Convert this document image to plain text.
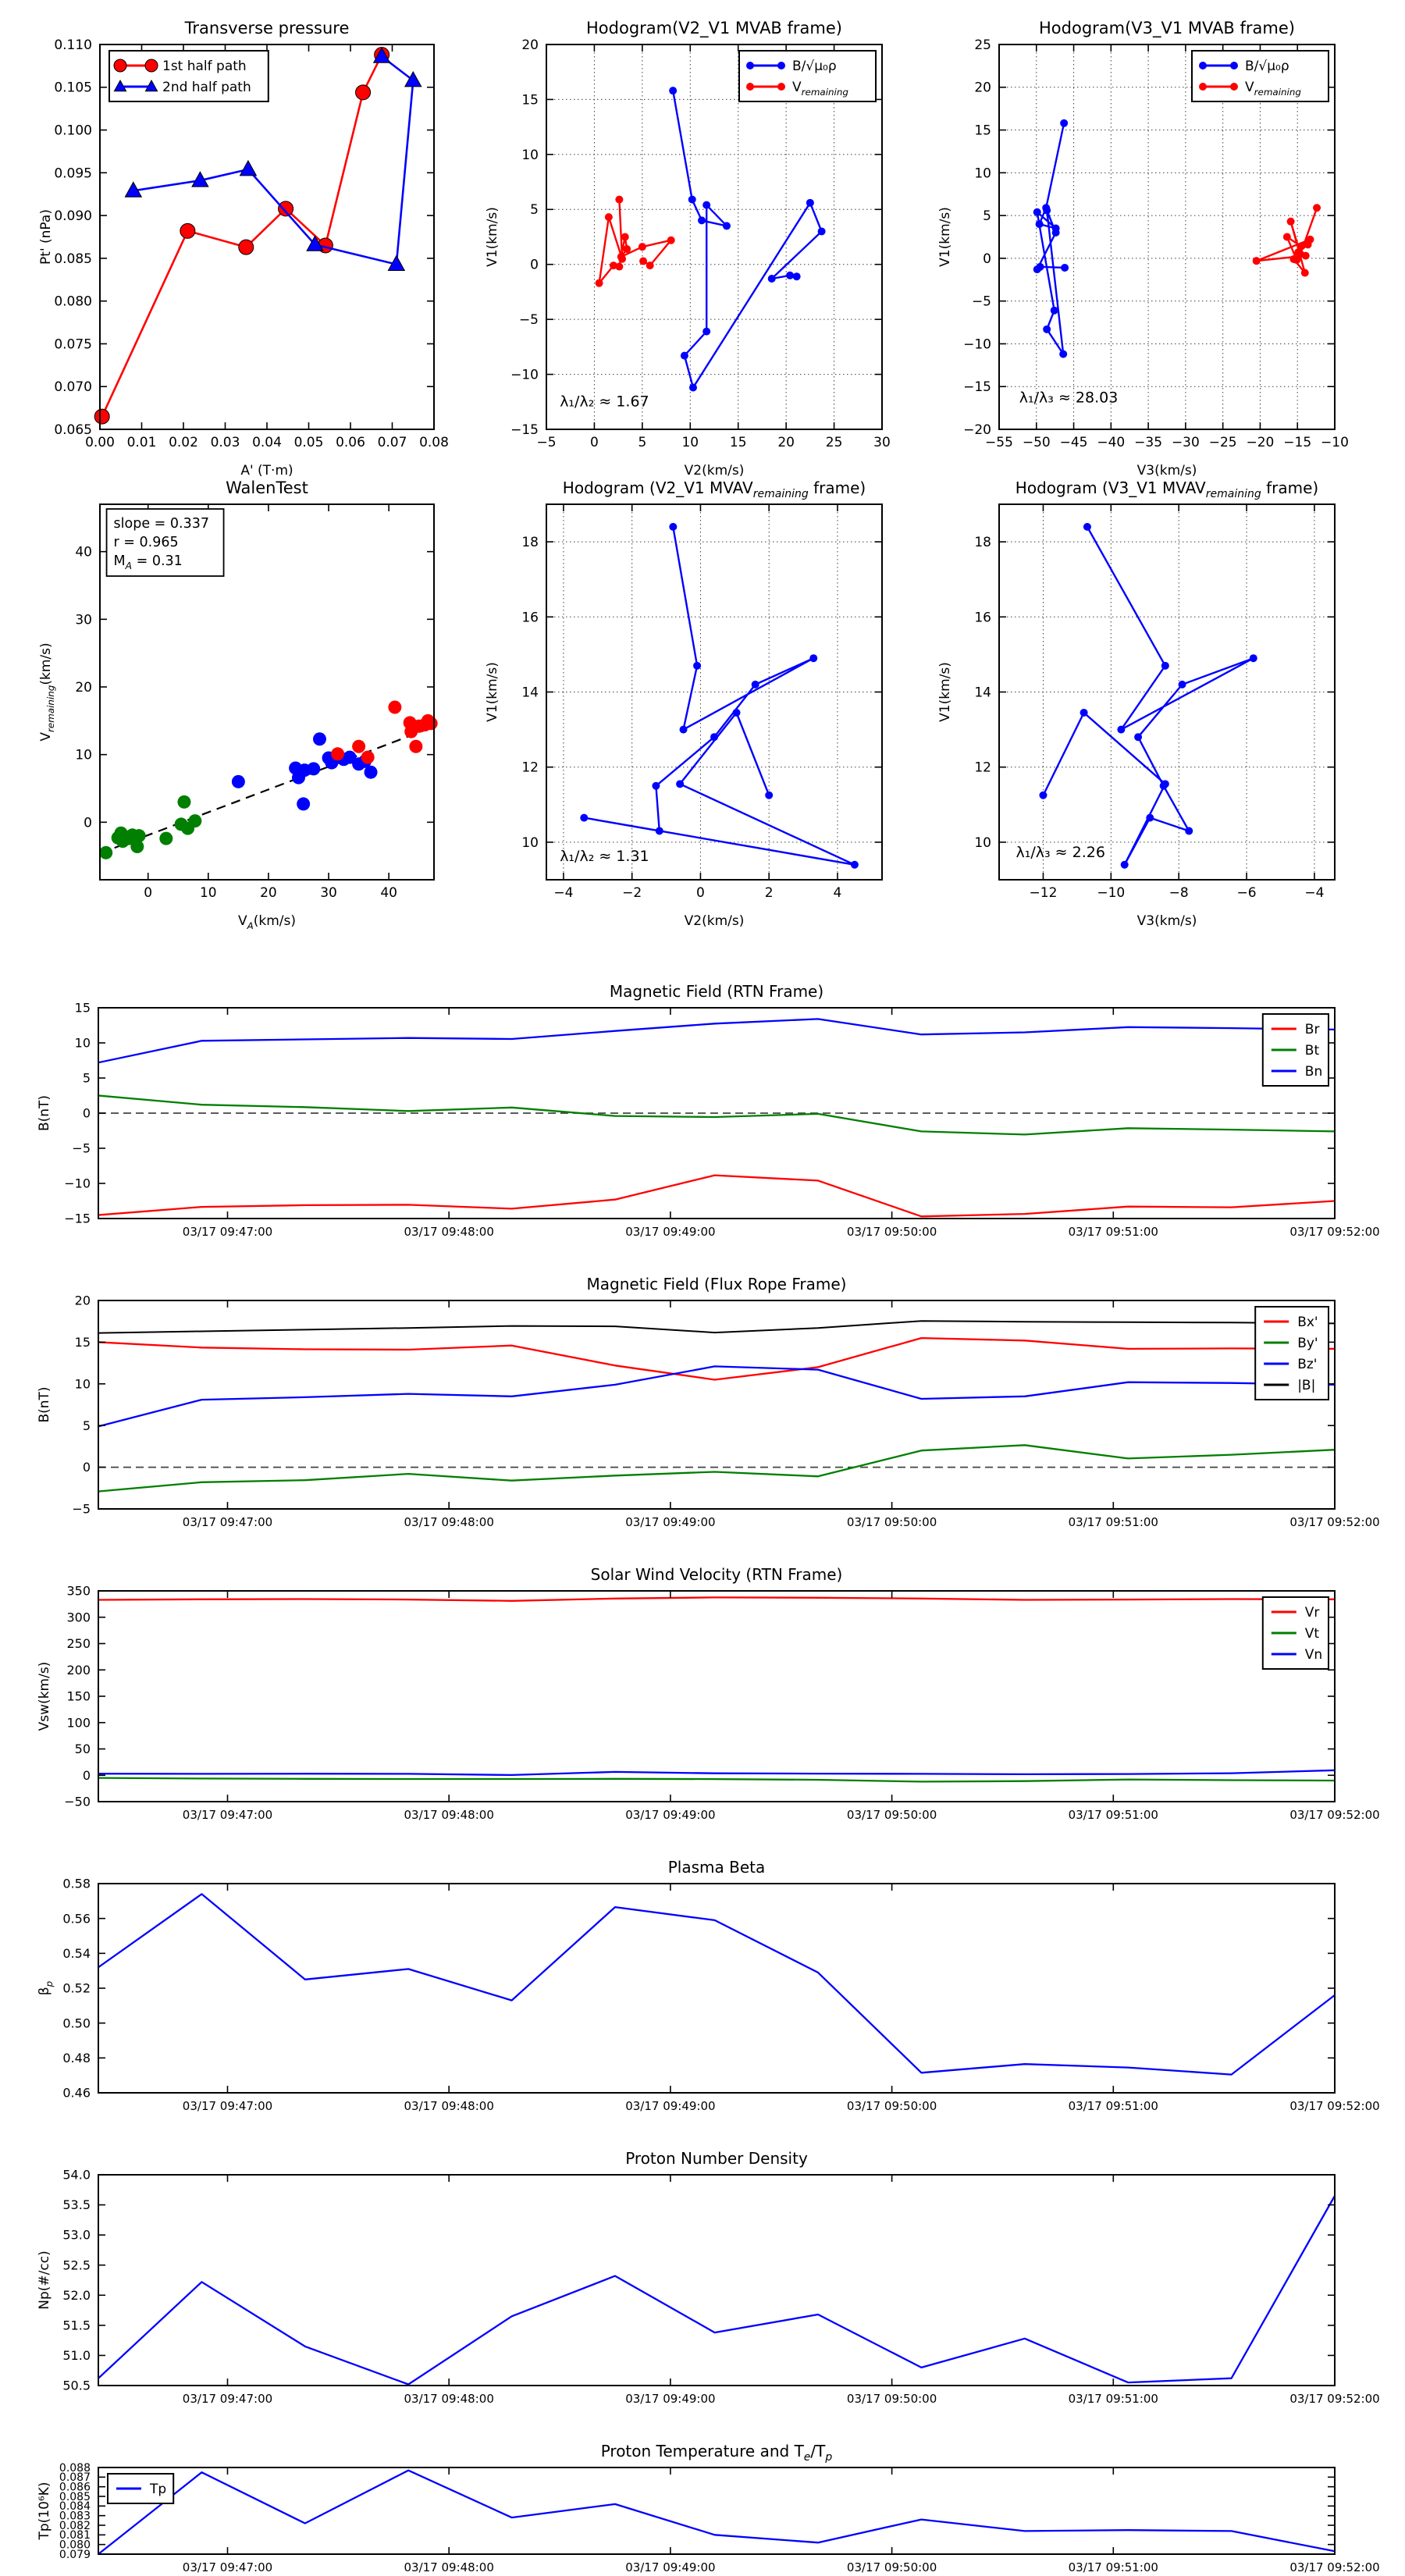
0.00 0.01 0.02 0.03 0.04 0.05 0.06 0.07 0.08
0.065
0.070
0.075
0.080
0.085
0.090
0.095
0.100
0.105
0.110
Transverse pressure
A' (T·m)
Pt' (nPa)
1st half path
2nd half path
−5	0	5	10 15 20 25 30
−15
−10
−5
0
5
10
15
20
Hodogram(V2_V1 MVAB frame)
V2(km/s)
V1(km/s)
λ₁/λ₂ ≈ 1.67
B/√μ₀ρ
$V_{remaining}$
−55 −50 −45 −40 −35 −30 −25 −20 −15 −10
−20
−15
−10
−5
0
5
10
15
20
25
Hodogram(V3_V1 MVAB frame)
V3(km/s)
V1(km/s)
λ₁/λ₃ ≈ 28.03
B/√μ₀ρ
$V_{remaining}$
0	10	20	30	40
0
10
20
30
40
WalenTest
$V_A(km/s)$
$V_{remaining}(km/s)$
slope = 0.337
r = 0.965
$M_A = 0.31$
−4	−2	0	2	4
10
12
14
16
18
Hodogram (V2_V1 $MVAV_{remaining}$ frame)
V2(km/s)
V1(km/s)
λ₁/λ₂ ≈ 1.31
−12	−10	−8	−6	−4
10
12
14
16
18
Hodogram (V3_V1 $MVAV_{remaining}$ frame)
V3(km/s)
V1(km/s)
λ₁/λ₃ ≈ 2.26
03/17 09:47:00	03/17 09:48:00	03/17 09:49:00	03/17 09:50:00	03/17 09:51:00	03/17 09:52:00
−15
−10
−5
0
5
10
15
Magnetic Field (RTN Frame)
B(nT)
Br
Bt
Bn
03/17 09:47:00	03/17 09:48:00	03/17 09:49:00	03/17 09:50:00	03/17 09:51:00	03/17 09:52:00
−5
0
5
10
15
20
Magnetic Field (Flux Rope Frame)
B(nT)
Bx'
By'
Bz'
|B|
03/17 09:47:00	03/17 09:48:00	03/17 09:49:00	03/17 09:50:00	03/17 09:51:00	03/17 09:52:00
−50
0
50
100
150
200
250
300
350
Solar Wind Velocity (RTN Frame)
Vsw(km/s)
Vr
Vt
Vn
03/17 09:47:00	03/17 09:48:00	03/17 09:49:00	03/17 09:50:00	03/17 09:51:00	03/17 09:52:00
0.46
0.48
0.50
0.52
0.54
0.56
0.58
Plasma Beta
$\beta_p$
03/17 09:47:00	03/17 09:48:00	03/17 09:49:00	03/17 09:50:00	03/17 09:51:00	03/17 09:52:00
50.5
51.0
51.5
52.0
52.5
53.0
53.5
54.0
Proton Number Density
Np(#/cc)
03/17 09:47:00	03/17 09:48:00	03/17 09:49:00	03/17 09:50:00	03/17 09:51:00	03/17 09:52:00
0.079
0.080
0.081
0.082
0.083
0.084
0.085
0.086
0.087
0.088
Proton Temperature and $T_e/T_p$
Tp(10⁶K)	Tp
